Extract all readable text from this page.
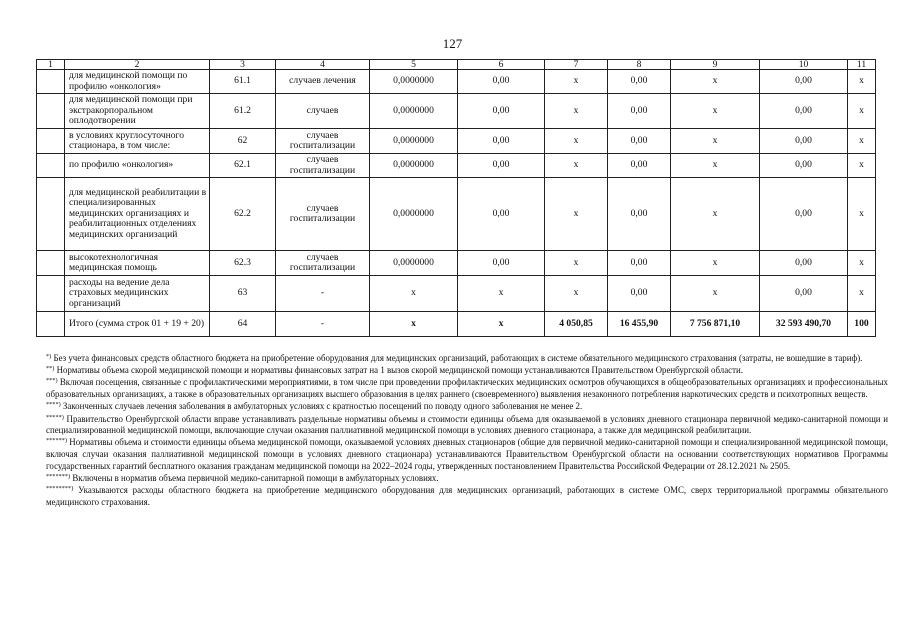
127
1	2	3	4	5	6	7	8	9	10	11
	для медицинской помощи по профилю «онкология»	61.1	случаев лечения	0,0000000	0,00	x	0,00	x	0,00	x
	для медицинской помощи при экстракорпоральном оплодотворении	61.2	случаев	0,0000000	0,00	x	0,00	x	0,00	x
	в условиях круглосуточного стационара, в том числе:	62	случаев госпитализации	0,0000000	0,00	x	0,00	x	0,00	x
	по профилю «онкология»	62.1	случаев госпитализации	0,0000000	0,00	x	0,00	x	0,00	x
	для медицинской реабилитации в специализированных медицинских организациях и реабилитационных отделениях медицинских организаций	62.2	случаев госпитализации	0,0000000	0,00	x	0,00	x	0,00	x
	высокотехнологичная медицинская помощь	62.3	случаев госпитализации	0,0000000	0,00	x	0,00	x	0,00	x
	расходы на ведение дела страховых медицинских организаций	63	-	x	x	x	0,00	x	0,00	x
	Итого (сумма строк 01 + 19 + 20)	64	-	x	x	4 050,85	16 455,90	7 756 871,10	32 593 490,70	100
*) Без учета финансовых средств областного бюджета на приобретение оборудования для медицинских организаций, работающих в системе обязательного медицинского страхования (затраты, не вошедшие в тариф).
**) Нормативы объема скорой медицинской помощи и нормативы финансовых затрат на 1 вызов скорой медицинской помощи устанавливаются Правительством Оренбургской области.
***) Включая посещения, связанные с профилактическими мероприятиями, в том числе при проведении профилактических медицинских осмотров обучающихся в общеобразовательных организациях и профессиональных образовательных организациях, а также в образовательных организациях высшего образования в целях раннего (своевременного) выявления незаконного потребления наркотических средств и психотропных веществ.
****) Законченных случаев лечения заболевания в амбулаторных условиях с кратностью посещений по поводу одного заболевания не менее 2.
*****) Правительство Оренбургской области вправе устанавливать раздельные нормативы объемы и стоимости единицы объема для оказываемой в условиях дневного стационара первичной медико-санитарной помощи и специализированной медицинской помощи, включающие случаи оказания паллиативной медицинской помощи в условиях дневного стационара, а также для медицинской реабилитации.
******) Нормативы объема и стоимости единицы объема медицинской помощи, оказываемой условиях дневных стационаров (общие для первичной медико-санитарной помощи и специализированной медицинской помощи, включая случаи оказания паллиативной медицинской помощи в условиях дневного стационара) устанавливаются Правительством Оренбургской области на основании соответствующих нормативов Программы государственных гарантий бесплатного оказания гражданам медицинской помощи на 2022–2024 годы, утвержденных постановлением Правительства Российской Федерации от 28.12.2021 № 2505.
*******) Включены в норматив объема первичной медико-санитарной помощи в амбулаторных условиях.
********) Указываются расходы областного бюджета на приобретение медицинского оборудования для медицинских организаций, работающих в системе ОМС, сверх территориальной программы обязательного медицинского страхования.
